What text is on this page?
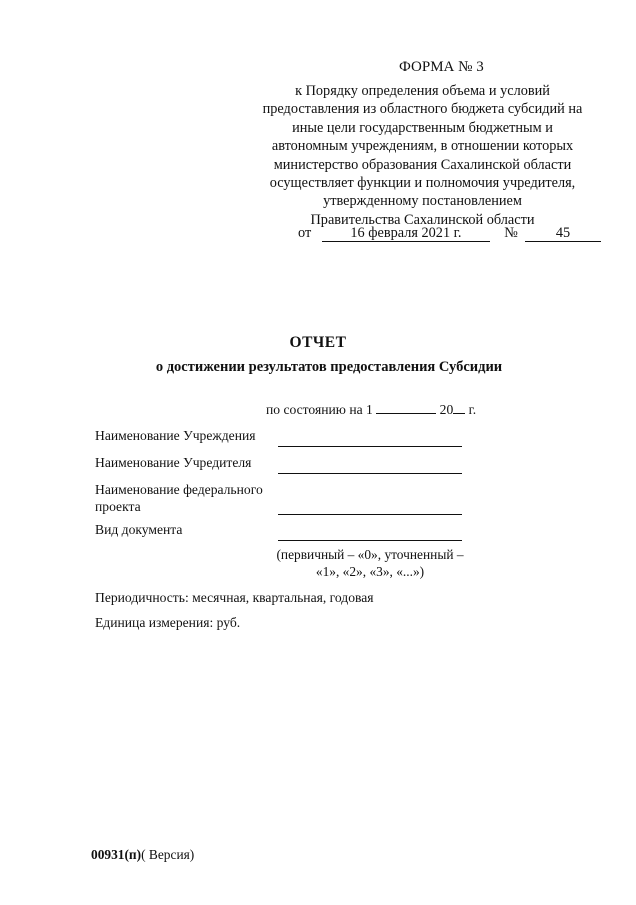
ФОРМА № 3
к Порядку определения объема и условий
предоставления из областного бюджета субсидий на
иные цели государственным бюджетным и
автономным учреждениям, в отношении которых
министерство образования Сахалинской области
осуществляет функции и полномочия учредителя,
утвержденному постановлением
Правительства Сахалинской области
от	16 февраля 2021 г.	№	45
ОТЧЕТ
о достижении результатов предоставления Субсидии
по состоянию на 1	20 г.
Наименование Учреждения
Наименование Учредителя
Наименование федерального проекта
Вид документа
(первичный – «0», уточненный – «1», «2», «3», «...»)
Периодичность: месячная, квартальная, годовая
Единица измерения: руб.
00931(п)( Версия)
